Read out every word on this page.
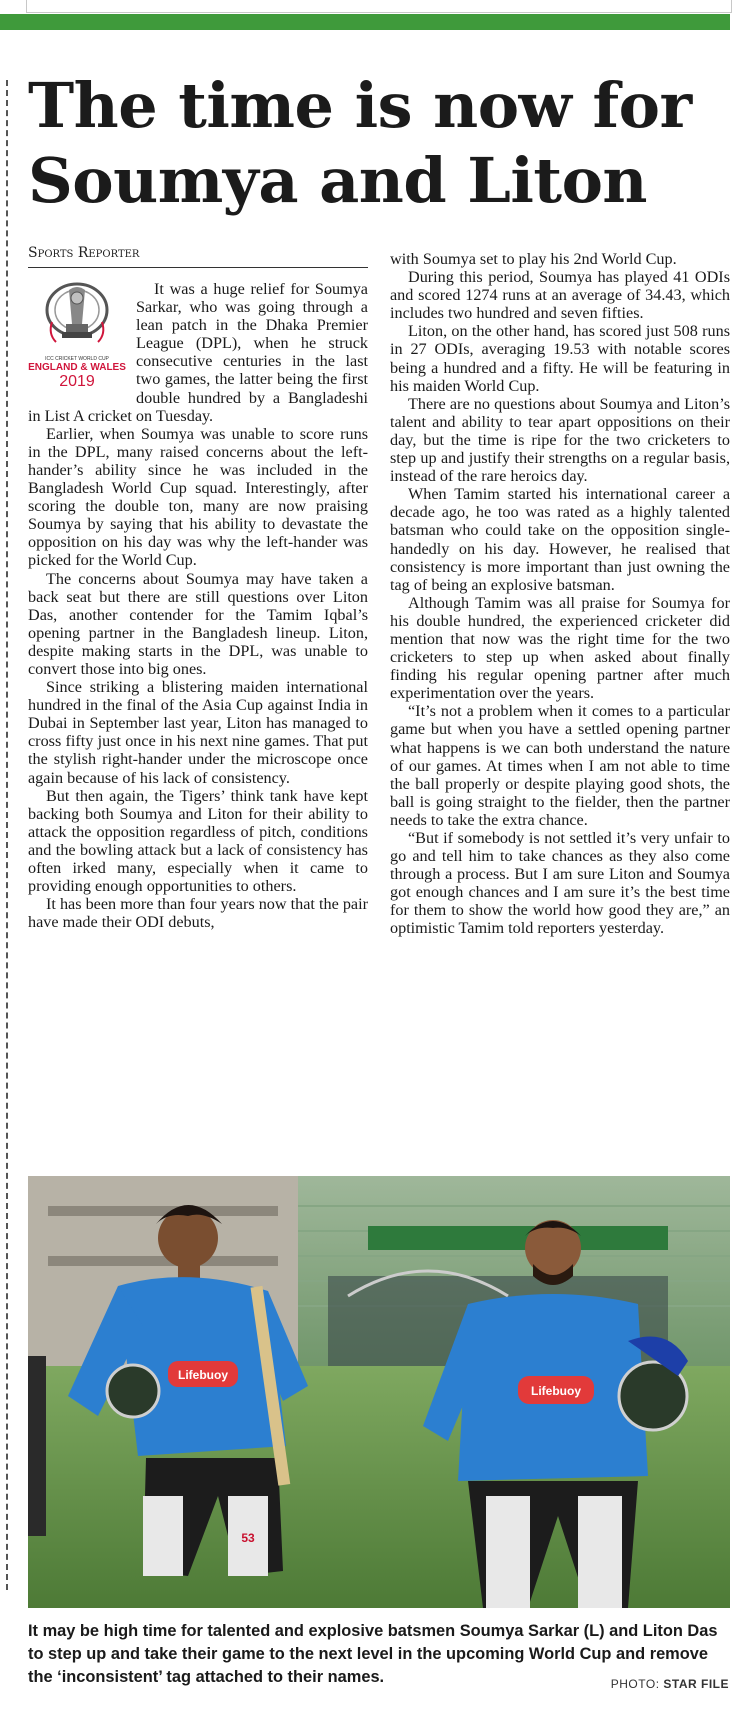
The time is now for Soumya and Liton
Sports Reporter
ICC CRICKET WORLD CUP
ENGLAND & WALES
2019

It was a huge relief for Soumya Sarkar, who was going through a lean patch in the Dhaka Premier League (DPL), when he struck consecutive centuries in the last two games, the latter being the first double hundred by a Bangladeshi in List A cricket on Tuesday.

Earlier, when Soumya was unable to score runs in the DPL, many raised concerns about the left-hander’s ability since he was included in the Bangladesh World Cup squad. Interestingly, after scoring the double ton, many are now praising Soumya by saying that his ability to devastate the opposition on his day was why the left-hander was picked for the World Cup.

The concerns about Soumya may have taken a back seat but there are still questions over Liton Das, another contender for the Tamim Iqbal’s opening partner in the Bangladesh lineup. Liton, despite making starts in the DPL, was unable to convert those into big ones.

Since striking a blistering maiden international hundred in the final of the Asia Cup against India in Dubai in September last year, Liton has managed to cross fifty just once in his next nine games. That put the stylish right-hander under the microscope once again because of his lack of consistency.

But then again, the Tigers’ think tank have kept backing both Soumya and Liton for their ability to attack the opposition regardless of pitch, conditions and the bowling attack but a lack of consistency has often irked many, especially when it came to providing enough opportunities to others.

It has been more than four years now that the pair have made their ODI debuts,

with Soumya set to play his 2nd World Cup.

During this period, Soumya has played 41 ODIs and scored 1274 runs at an average of 34.43, which includes two hundred and seven fifties.

Liton, on the other hand, has scored just 508 runs in 27 ODIs, averaging 19.53 with notable scores being a hundred and a fifty. He will be featuring in his maiden World Cup.

There are no questions about Soumya and Liton’s talent and ability to tear apart oppositions on their day, but the time is ripe for the two cricketers to step up and justify their strengths on a regular basis, instead of the rare heroics day.

When Tamim started his international career a decade ago, he too was rated as a highly talented batsman who could take on the opposition single-handedly on his day. However, he realised that consistency is more important than just owning the tag of being an explosive batsman.

Although Tamim was all praise for Soumya for his double hundred, the experienced cricketer did mention that now was the right time for the two cricketers to step up when asked about finally finding his regular opening partner after much experimentation over the years.

“It’s not a problem when it comes to a particular game but when you have a settled opening partner what happens is we can both understand the nature of our games. At times when I am not able to time the ball properly or despite playing good shots, the ball is going straight to the fielder, then the partner needs to take the extra chance.

“But if somebody is not settled it’s very unfair to go and tell him to take chances as they also come through a process. But I am sure Liton and Soumya got enough chances and I am sure it’s the best time for them to show the world how good they are,” an optimistic Tamim told reporters yesterday.

Lifebuoy
53
Lifebuoy
It may be high time for talented and explosive batsmen Soumya Sarkar (L) and Liton Das to step up and take their game to the next level in the upcoming World Cup and remove the ‘inconsistent’ tag attached to their names.	PHOTO: STAR FILE
